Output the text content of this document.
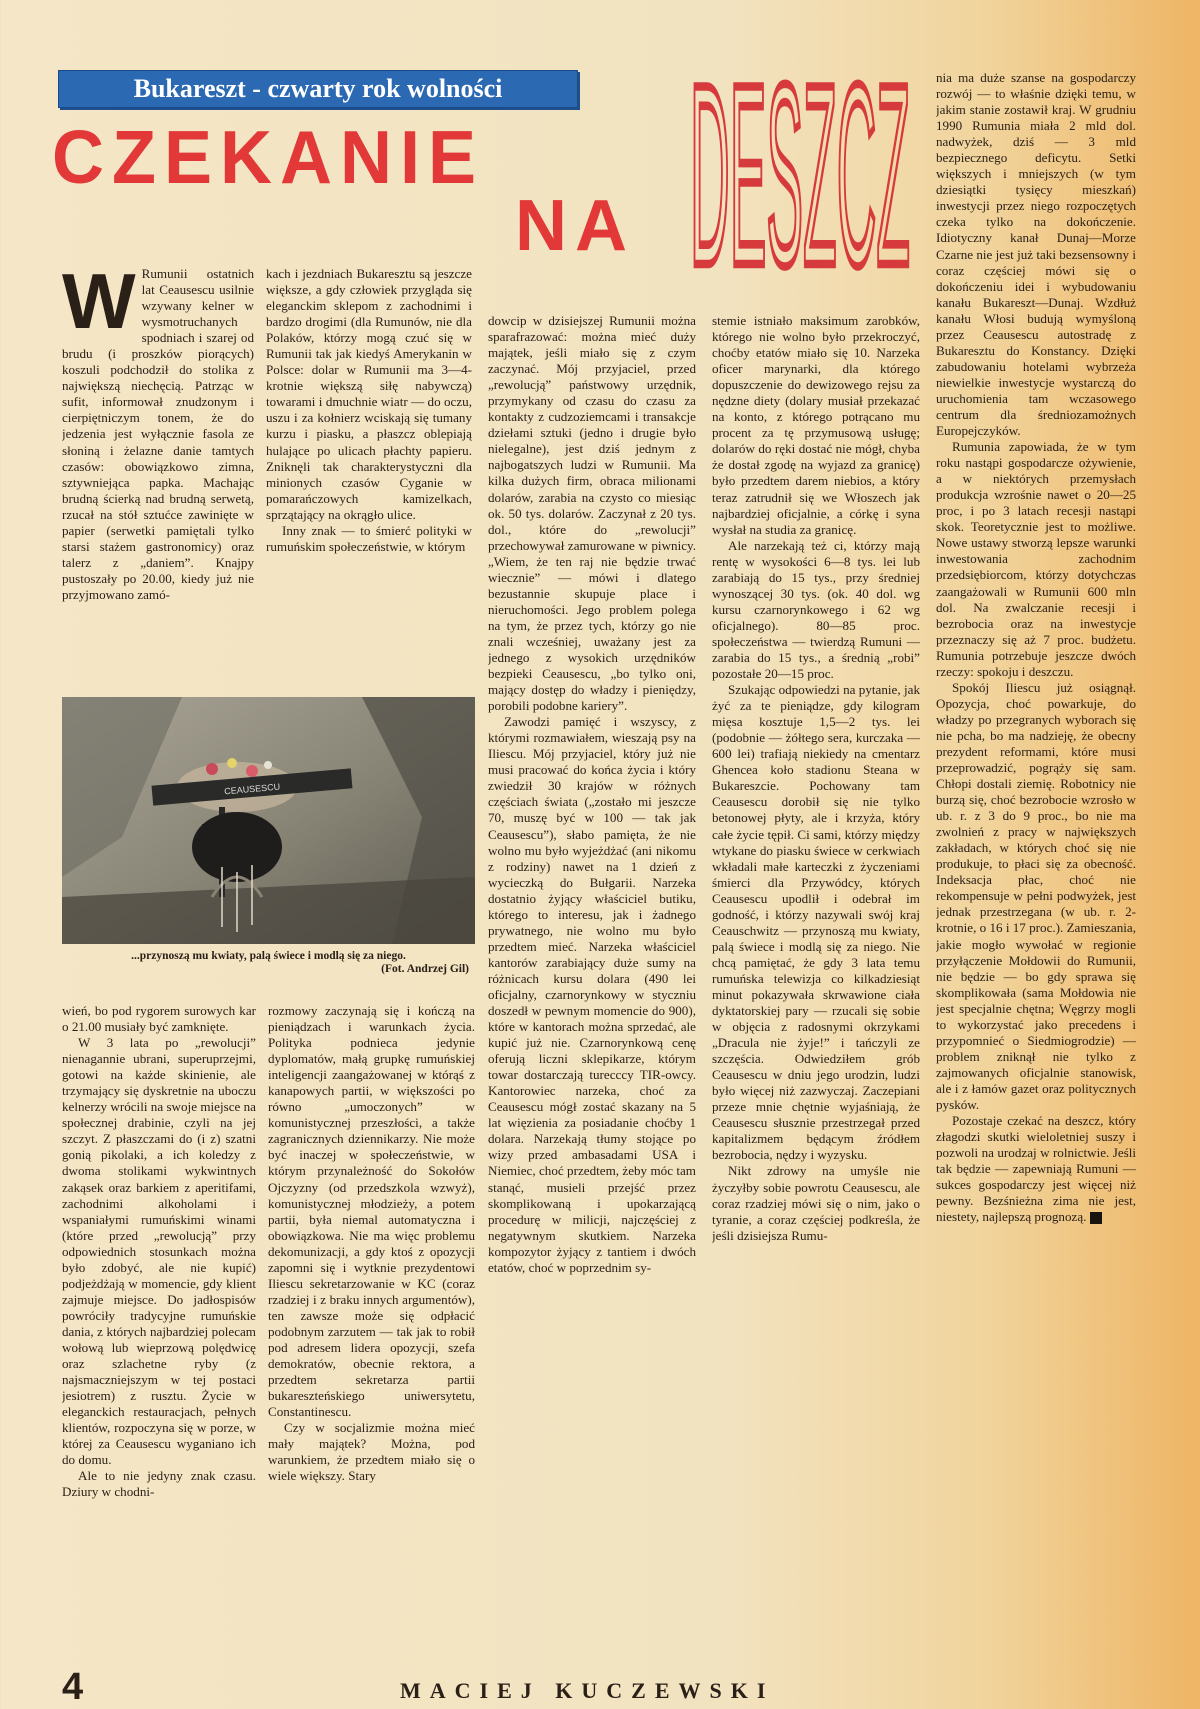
Bukareszt - czwarty rok wolności
CZEKANIE
NA DESZCZ
W Rumunii ostatnich lat Ceausescu usilnie wzywany kelner w wysmotruchanych spodniach i szarej od brudu (i proszków piorących) koszuli podchodził do stolika z największą niechęcią. Patrząc w sufit, informował znudzonym i cierpiętniczym tonem, że do jedzenia jest wyłącznie fasola ze słoniną i żelazne danie tamtych czasów: obowiązkowo zimna, sztywniejąca papka. Machając brudną ścierką nad brudną serwetą, rzucał na stół sztućce zawinięte w papier (serwetki pamiętali tylko starsi stażem gastronomicy) oraz talerz z „daniem”. Knajpy pustoszały po 20.00, kiedy już nie przyjmowano zamó-

kach i jezdniach Bukaresztu są jeszcze większe, a gdy człowiek przygląda się eleganckim sklepom z zachodnimi i bardzo drogimi (dla Rumunów, nie dla Polaków, którzy mogą czuć się w Rumunii tak jak kiedyś Amerykanin w Polsce: dolar w Rumunii ma 3—4-krotnie większą siłę nabywczą) towarami i dmuchnie wiatr — do oczu, uszu i za kołnierz wciskają się tumany kurzu i piasku, a płaszcz oblepiają hulające po ulicach płachty papieru. Zniknęli tak charakterystyczni dla minionych czasów Cyganie w pomarańczowych kamizelkach, sprzątający na okrągło ulice.

Inny znak — to śmierć polityki w rumuńskim społeczeństwie, w którym

CEAUSESCU
...przynoszą mu kwiaty, palą świece i modlą się za niego.
(Fot. Andrzej Gil)

wień, bo pod rygorem surowych kar o 21.00 musiały być zamknięte.

W 3 lata po „rewolucji” nienagannie ubrani, superuprzejmi, gotowi na każde skinienie, ale trzymający się dyskretnie na uboczu kelnerzy wrócili na swoje miejsce na społecznej drabinie, czyli na jej szczyt. Z płaszczami do (i z) szatni gonią pikolaki, a ich koledzy z dwoma stolikami wykwintnych zakąsek oraz barkiem z aperitifami, zachodnimi alkoholami i wspaniałymi rumuńskimi winami (które przed „rewolucją” przy odpowiednich stosunkach można było zdobyć, ale nie kupić) podjeżdżają w momencie, gdy klient zajmuje miejsce. Do jadłospisów powróciły tradycyjne rumuńskie dania, z których najbardziej polecam wołową lub wieprzową polędwicę oraz szlachetne ryby (z najsmaczniejszym w tej postaci jesiotrem) z rusztu. Życie w eleganckich restauracjach, pełnych klientów, rozpoczyna się w porze, w której za Ceausescu wyganiano ich do domu.

Ale to nie jedyny znak czasu. Dziury w chodni-

rozmowy zaczynają się i kończą na pieniądzach i warunkach życia. Polityka podnieca jedynie dyplomatów, małą grupkę rumuńskiej inteligencji zaangażowanej w którąś z kanapowych partii, w większości po równo „umoczonych” w komunistycznej przeszłości, a także zagranicznych dziennikarzy. Nie może być inaczej w społeczeństwie, w którym przynależność do Sokołów Ojczyzny (od przedszkola wzwyż), komunistycznej młodzieży, a potem partii, była niemal automatyczna i obowiązkowa. Nie ma więc problemu dekomunizacji, a gdy ktoś z opozycji zapomni się i wytknie prezydentowi Iliescu sekretarzowanie w KC (coraz rzadziej i z braku innych argumentów), ten zawsze może się odpłacić podobnym zarzutem — tak jak to robił pod adresem lidera opozycji, szefa demokratów, obecnie rektora, a przedtem sekretarza partii bukareszteńskiego uniwersytetu, Constantinescu.

Czy w socjalizmie można mieć mały majątek? Można, pod warunkiem, że przedtem miało się o wiele większy. Stary

dowcip w dzisiejszej Rumunii można sparafrazować: można mieć duży majątek, jeśli miało się z czym zaczynać. Mój przyjaciel, przed „rewolucją” państwowy urzędnik, przymykany od czasu do czasu za kontakty z cudzoziemcami i transakcje dziełami sztuki (jedno i drugie było nielegalne), jest dziś jednym z najbogatszych ludzi w Rumunii. Ma kilka dużych firm, obraca milionami dolarów, zarabia na czysto co miesiąc ok. 50 tys. dolarów. Zaczynał z 20 tys. dol., które do „rewolucji” przechowywał zamurowane w piwnicy. „Wiem, że ten raj nie będzie trwać wiecznie” — mówi i dlatego bezustannie skupuje place i nieruchomości. Jego problem polega na tym, że przez tych, którzy go nie znali wcześniej, uważany jest za jednego z wysokich urzędników bezpieki Ceausescu, „bo tylko oni, mający dostęp do władzy i pieniędzy, porobili podobne kariery”.

Zawodzi pamięć i wszyscy, z którymi rozmawiałem, wieszają psy na Iliescu. Mój przyjaciel, który już nie musi pracować do końca życia i który zwiedził 30 krajów w różnych częściach świata („zostało mi jeszcze 70, muszę być w 100 — tak jak Ceausescu”), słabo pamięta, że nie wolno mu było wyjeżdżać (ani nikomu z rodziny) nawet na 1 dzień z wycieczką do Bułgarii. Narzeka dostatnio żyjący właściciel butiku, którego to interesu, jak i żadnego prywatnego, nie wolno mu było przedtem mieć. Narzeka właściciel kantorów zarabiający duże sumy na różnicach kursu dolara (490 lei oficjalny, czarnorynkowy w styczniu doszedł w pewnym momencie do 900), które w kantorach można sprzedać, ale kupić już nie. Czarnorynkową cenę oferują liczni sklepikarze, którym towar dostarczają turecccy TIR-owcy. Kantorowiec narzeka, choć za Ceausescu mógł zostać skazany na 5 lat więzienia za posiadanie choćby 1 dolara. Narzekają tłumy stojące po wizy przed ambasadami USA i Niemiec, choć przedtem, żeby móc tam stanąć, musieli przejść przez skomplikowaną i upokarzającą procedurę w milicji, najczęściej z negatywnym skutkiem. Narzeka kompozytor żyjący z tantiem i dwóch etatów, choć w poprzednim sy-

stemie istniało maksimum zarobków, którego nie wolno było przekroczyć, choćby etatów miało się 10. Narzeka oficer marynarki, dla którego dopuszczenie do dewizowego rejsu za nędzne diety (dolary musiał przekazać na konto, z którego potrącano mu procent za tę przymusową usługę; dolarów do ręki dostać nie mógł, chyba że dostał zgodę na wyjazd za granicę) było przedtem darem niebios, a który teraz zatrudnił się we Włoszech jak najbardziej oficjalnie, a córkę i syna wysłał na studia za granicę.

Ale narzekają też ci, którzy mają rentę w wysokości 6—8 tys. lei lub zarabiają do 15 tys., przy średniej wynoszącej 30 tys. (ok. 40 dol. wg kursu czarnorynkowego i 62 wg oficjalnego). 80—85 proc. społeczeństwa — twierdzą Rumuni — zarabia do 15 tys., a średnią „robi” pozostałe 20—15 proc.

Szukając odpowiedzi na pytanie, jak żyć za te pieniądze, gdy kilogram mięsa kosztuje 1,5—2 tys. lei (podobnie — żółtego sera, kurczaka — 600 lei) trafiają niekiedy na cmentarz Ghencea koło stadionu Steana w Bukareszcie. Pochowany tam Ceausescu dorobił się nie tylko betonowej płyty, ale i krzyża, który całe życie tępił. Ci sami, którzy między wtykane do piasku świece w cerkwiach wkładali małe karteczki z życzeniami śmierci dla Przywódcy, których Ceausescu upodlił i odebrał im godność, i którzy nazywali swój kraj Ceauschwitz — przynoszą mu kwiaty, palą świece i modlą się za niego. Nie chcą pamiętać, że gdy 3 lata temu rumuńska telewizja co kilkadziesiąt minut pokazywała skrwawione ciała dyktatorskiej pary — rzucali się sobie w objęcia z radosnymi okrzykami „Dracula nie żyje!” i tańczyli ze szczęścia. Odwiedziłem grób Ceausescu w dniu jego urodzin, ludzi było więcej niż zazwyczaj. Zaczepiani przeze mnie chętnie wyjaśniają, że Ceausescu słusznie przestrzegał przed kapitalizmem będącym źródłem bezrobocia, nędzy i wyzysku.

Nikt zdrowy na umyśle nie życzyłby sobie powrotu Ceausescu, ale coraz rzadziej mówi się o nim, jako o tyranie, a coraz częściej podkreśla, że jeśli dzisiejsza Rumu-

nia ma duże szanse na gospodarczy rozwój — to właśnie dzięki temu, w jakim stanie zostawił kraj. W grudniu 1990 Rumunia miała 2 mld dol. nadwyżek, dziś — 3 mld bezpiecznego deficytu. Setki większych i mniejszych (w tym dziesiątki tysięcy mieszkań) inwestycji przez niego rozpoczętych czeka tylko na dokończenie. Idiotyczny kanał Dunaj—Morze Czarne nie jest już taki bezsensowny i coraz częściej mówi się o dokończeniu idei i wybudowaniu kanału Bukareszt—Dunaj. Wzdłuż kanału Włosi budują wymyśloną przez Ceausescu autostradę z Bukaresztu do Konstancy. Dzięki zabudowaniu hotelami wybrzeża niewielkie inwestycje wystarczą do uruchomienia tam wczasowego centrum dla średniozamożnych Europejczyków.

Rumunia zapowiada, że w tym roku nastąpi gospodarcze ożywienie, a w niektórych przemysłach produkcja wzrośnie nawet o 20—25 proc, i po 3 latach recesji nastąpi skok. Teoretycznie jest to możliwe. Nowe ustawy stworzą lepsze warunki inwestowania zachodnim przedsiębiorcom, którzy dotychczas zaangażowali w Rumunii 600 mln dol. Na zwalczanie recesji i bezrobocia oraz na inwestycje przeznaczy się aż 7 proc. budżetu. Rumunia potrzebuje jeszcze dwóch rzeczy: spokoju i deszczu.

Spokój Iliescu już osiągnął. Opozycja, choć powarkuje, do władzy po przegranych wyborach się nie pcha, bo ma nadzieję, że obecny prezydent reformami, które musi przeprowadzić, pogrąży się sam. Chłopi dostali ziemię. Robotnicy nie burzą się, choć bezrobocie wzrosło w ub. r. z 3 do 9 proc., bo nie ma zwolnień z pracy w największych zakładach, w których choć się nie produkuje, to płaci się za obecność. Indeksacja płac, choć nie rekompensuje w pełni podwyżek, jest jednak przestrzegana (w ub. r. 2-krotnie, o 16 i 17 proc.). Zamieszania, jakie mogło wywołać w regionie przyłączenie Mołdowii do Rumunii, nie będzie — bo gdy sprawa się skomplikowała (sama Mołdowia nie jest specjalnie chętna; Węgrzy mogli to wykorzystać jako precedens i przypomnieć o Siedmiogrodzie) — problem zniknął nie tylko z zajmowanych oficjalnie stanowisk, ale i z łamów gazet oraz politycznych pysków.

Pozostaje czekać na deszcz, który złagodzi skutki wieloletniej suszy i pozwoli na urodzaj w rolnictwie. Jeśli tak będzie — zapewniają Rumuni — sukces gospodarczy jest więcej niż pewny. Bezśnieżna zima nie jest, niestety, najlepszą prognozą.

4	MACIEJ KUCZEWSKI
